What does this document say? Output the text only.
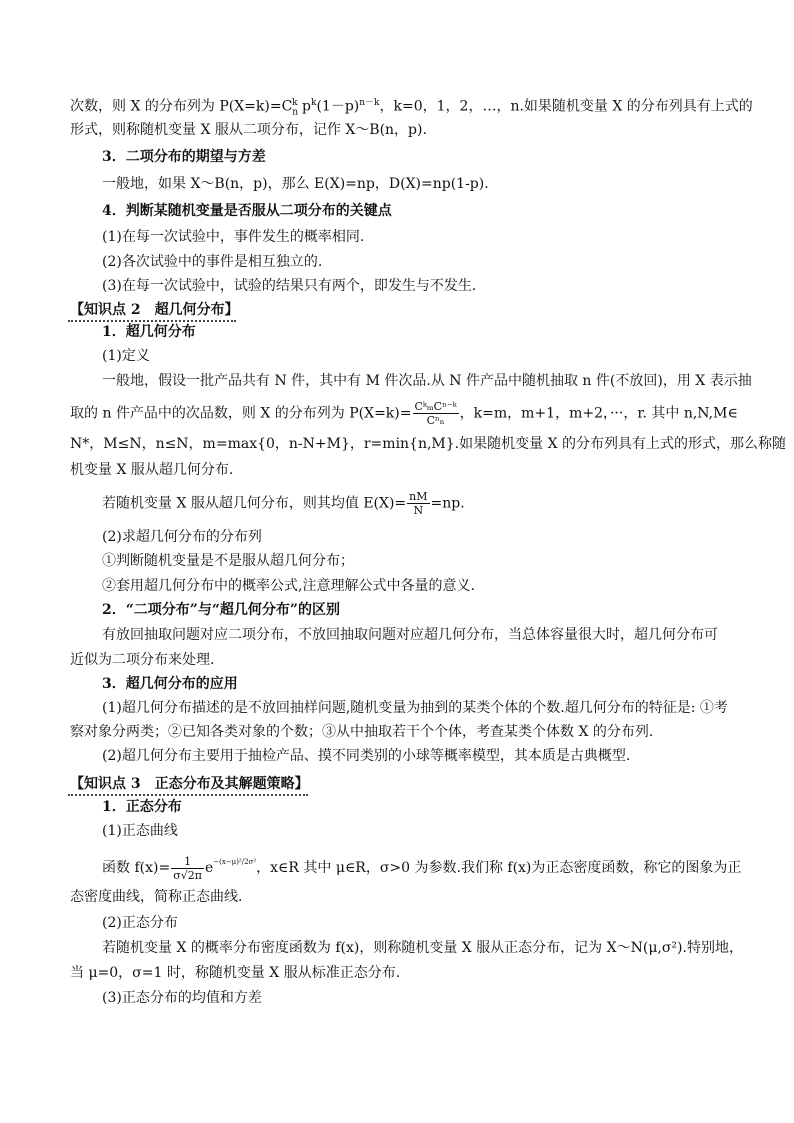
次数，则 X 的分布列为 $P(X=k)=C_n^k$ $p^k(1-p)^{n-k}$，k=0，1，2，…，n.如果随机变量 X 的分布列具有上式的
形式，则称随机变量 X 服从二项分布，记作 X～B(n，p).
3．二项分布的期望与方差
一般地，如果 X～B(n，p)，那么 E(X)=np，D(X)=np(1-p).
4．判断某随机变量是否服从二项分布的关键点
(1)在每一次试验中，事件发生的概率相同.
(2)各次试验中的事件是相互独立的.
(3)在每一次试验中，试验的结果只有两个，即发生与不发生.
【知识点 2　超几何分布】
1．超几何分布
(1)定义
一般地，假设一批产品共有 N 件，其中有 M 件次品.从 N 件产品中随机抽取 n 件(不放回)，用 X 表示抽
取的 n 件产品中的次品数，则 X 的分布列为 $P(X=k)= \frac{\text{CᵏₘCⁿ⁻ᵏ}}{\text{Cⁿₙ}}$ ，k=m，m+1，m+2，···，r. 其中 n,N,M∈
N*，M≤N，n≤N，m=max{0，n-N+M}，r=min{n,M}.如果随机变量 X 的分布列具有上式的形式，那么称随
机变量 X 服从超几何分布.
若随机变量 X 服从超几何分布，则其均值 $E(X)= \frac{nM}{N} =np$.
(2)求超几何分布的分布列
①判断随机变量是不是服从超几何分布；
②套用超几何分布中的概率公式,注意理解公式中各量的意义.
2．“二项分布”与“超几何分布”的区别
有放回抽取问题对应二项分布，不放回抽取问题对应超几何分布，当总体容量很大时，超几何分布可
近似为二项分布来处理.
3．超几何分布的应用
(1)超几何分布描述的是不放回抽样问题,随机变量为抽到的某类个体的个数.超几何分布的特征是: ①考
察对象分两类；②已知各类对象的个数；③从中抽取若干个个体，考查某类个体数 X 的分布列.
(2)超几何分布主要用于抽检产品、摸不同类别的小球等概率模型，其本质是古典概型.
【知识点 3　正态分布及其解题策略】
1．正态分布
(1)正态曲线
函数 $f(x)= \frac{1}{\sigma√2\pi} e^{-(x-\mu)^2/2\sigma^2}$，x∈R 其中 μ∈R，σ>0 为参数.我们称 f(x)为正态密度函数，称它的图象为正
态密度曲线，简称正态曲线.
(2)正态分布
若随机变量 X 的概率分布密度函数为 f(x)，则称随机变量 X 服从正态分布，记为 X～N(μ,σ²).特别地，
当 μ=0，σ=1 时，称随机变量 X 服从标准正态分布.
(3)正态分布的均值和方差
